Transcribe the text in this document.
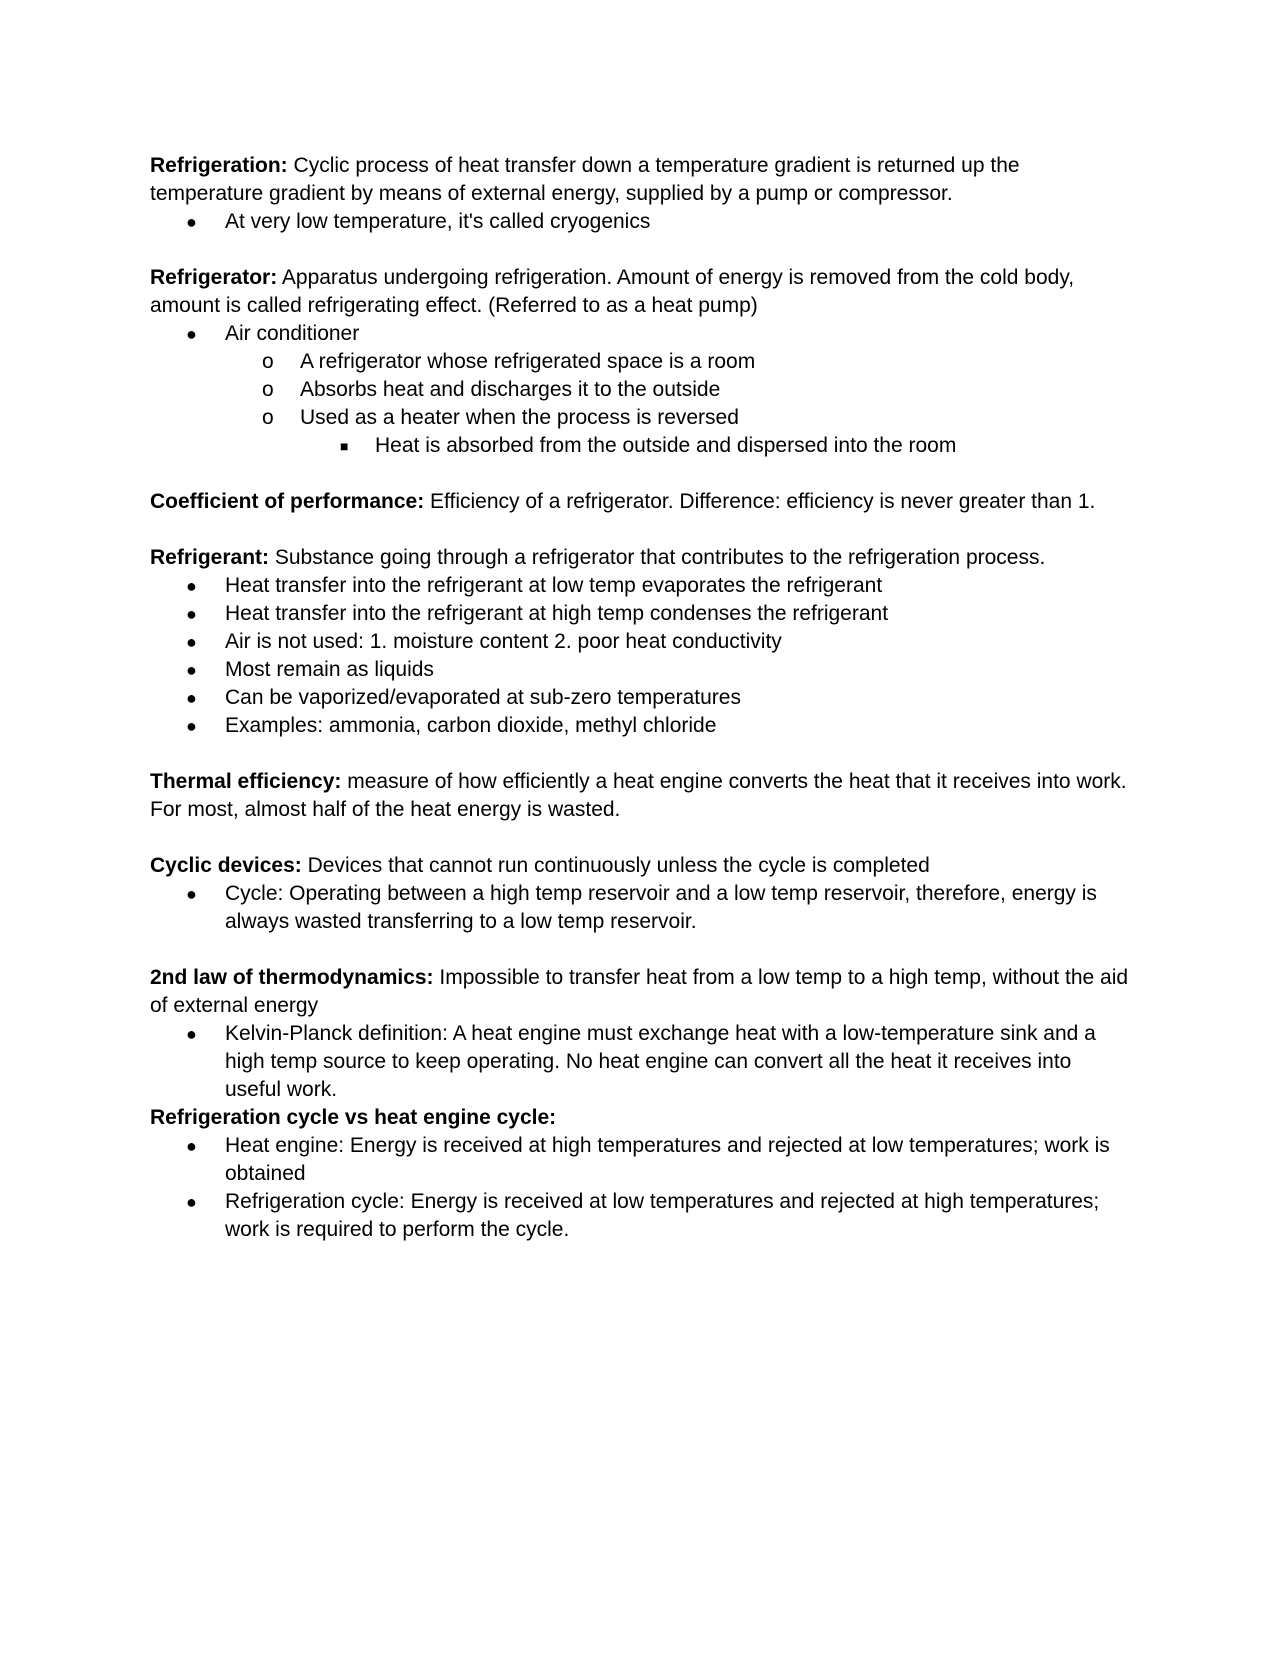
Refrigeration: Cyclic process of heat transfer down a temperature gradient is returned up the temperature gradient by means of external energy, supplied by a pump or compressor.

● At very low temperature, it's called cryogenics

Refrigerator: Apparatus undergoing refrigeration. Amount of energy is removed from the cold body, amount is called refrigerating effect. (Referred to as a heat pump)

● Air conditioner

o A refrigerator whose refrigerated space is a room

o Absorbs heat and discharges it to the outside

o Used as a heater when the process is reversed

■ Heat is absorbed from the outside and dispersed into the room

Coefficient of performance: Efficiency of a refrigerator. Difference: efficiency is never greater than 1.

Refrigerant: Substance going through a refrigerator that contributes to the refrigeration process.

● Heat transfer into the refrigerant at low temp evaporates the refrigerant

● Heat transfer into the refrigerant at high temp condenses the refrigerant

● Air is not used: 1. moisture content 2. poor heat conductivity

● Most remain as liquids

● Can be vaporized/evaporated at sub-zero temperatures

● Examples: ammonia, carbon dioxide, methyl chloride

Thermal efficiency: measure of how efficiently a heat engine converts the heat that it receives into work. For most, almost half of the heat energy is wasted.

Cyclic devices: Devices that cannot run continuously unless the cycle is completed

● Cycle: Operating between a high temp reservoir and a low temp reservoir, therefore, energy is always wasted transferring to a low temp reservoir.

2nd law of thermodynamics: Impossible to transfer heat from a low temp to a high temp, without the aid of external energy

● Kelvin-Planck definition: A heat engine must exchange heat with a low-temperature sink and a high temp source to keep operating. No heat engine can convert all the heat it receives into useful work.

Refrigeration cycle vs heat engine cycle:

● Heat engine: Energy is received at high temperatures and rejected at low temperatures; work is obtained

● Refrigeration cycle: Energy is received at low temperatures and rejected at high temperatures; work is required to perform the cycle.
